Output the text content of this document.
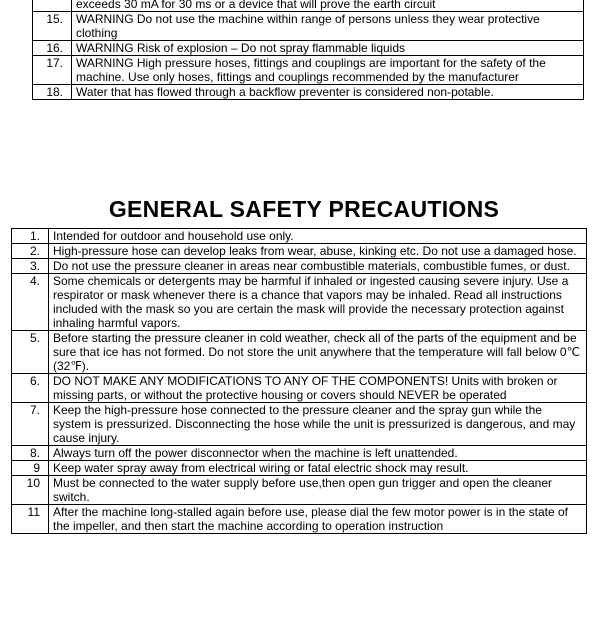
	exceeds 30 mA for 30 ms or a device that will prove the earth circuit
15.	WARNING Do not use the machine within range of persons unless they wear protective clothing
16.	WARNING Risk of explosion – Do not spray flammable liquids
17.	WARNING High pressure hoses, fittings and couplings are important for the safety of the machine. Use only hoses, fittings and couplings recommended by the manufacturer
18.	Water that has flowed through a backflow preventer is considered non-potable.
GENERAL SAFETY PRECAUTIONS
1.	Intended for outdoor and household use only.
2.	High-pressure hose can develop leaks from wear, abuse, kinking etc. Do not use a damaged hose.
3.	Do not use the pressure cleaner in areas near combustible materials, combustible fumes, or dust.
4.	Some chemicals or detergents may be harmful if inhaled or ingested causing severe injury. Use a respirator or mask whenever there is a chance that vapors may be inhaled. Read all instructions included with the mask so you are certain the mask will provide the necessary protection against inhaling harmful vapors.
5.	Before starting the pressure cleaner in cold weather, check all of the parts of the equipment and be sure that ice has not formed. Do not store the unit anywhere that the temperature will fall below 0℃ (32℉).
6.	DO NOT MAKE ANY MODIFICATIONS TO ANY OF THE COMPONENTS! Units with broken or missing parts, or without the protective housing or covers should NEVER be operated
7.	Keep the high-pressure hose connected to the pressure cleaner and the spray gun while the system is pressurized. Disconnecting the hose while the unit is pressurized is dangerous, and may cause injury.
8.	Always turn off the power disconnector when the machine is left unattended.
9	Keep water spray away from electrical wiring or fatal electric shock may result.
10	Must be connected to the water supply before use,then open gun trigger and open the cleaner switch.
11	After the machine long-stalled again before use, please dial the few motor power is in the state of the impeller, and then start the machine according to operation instruction
